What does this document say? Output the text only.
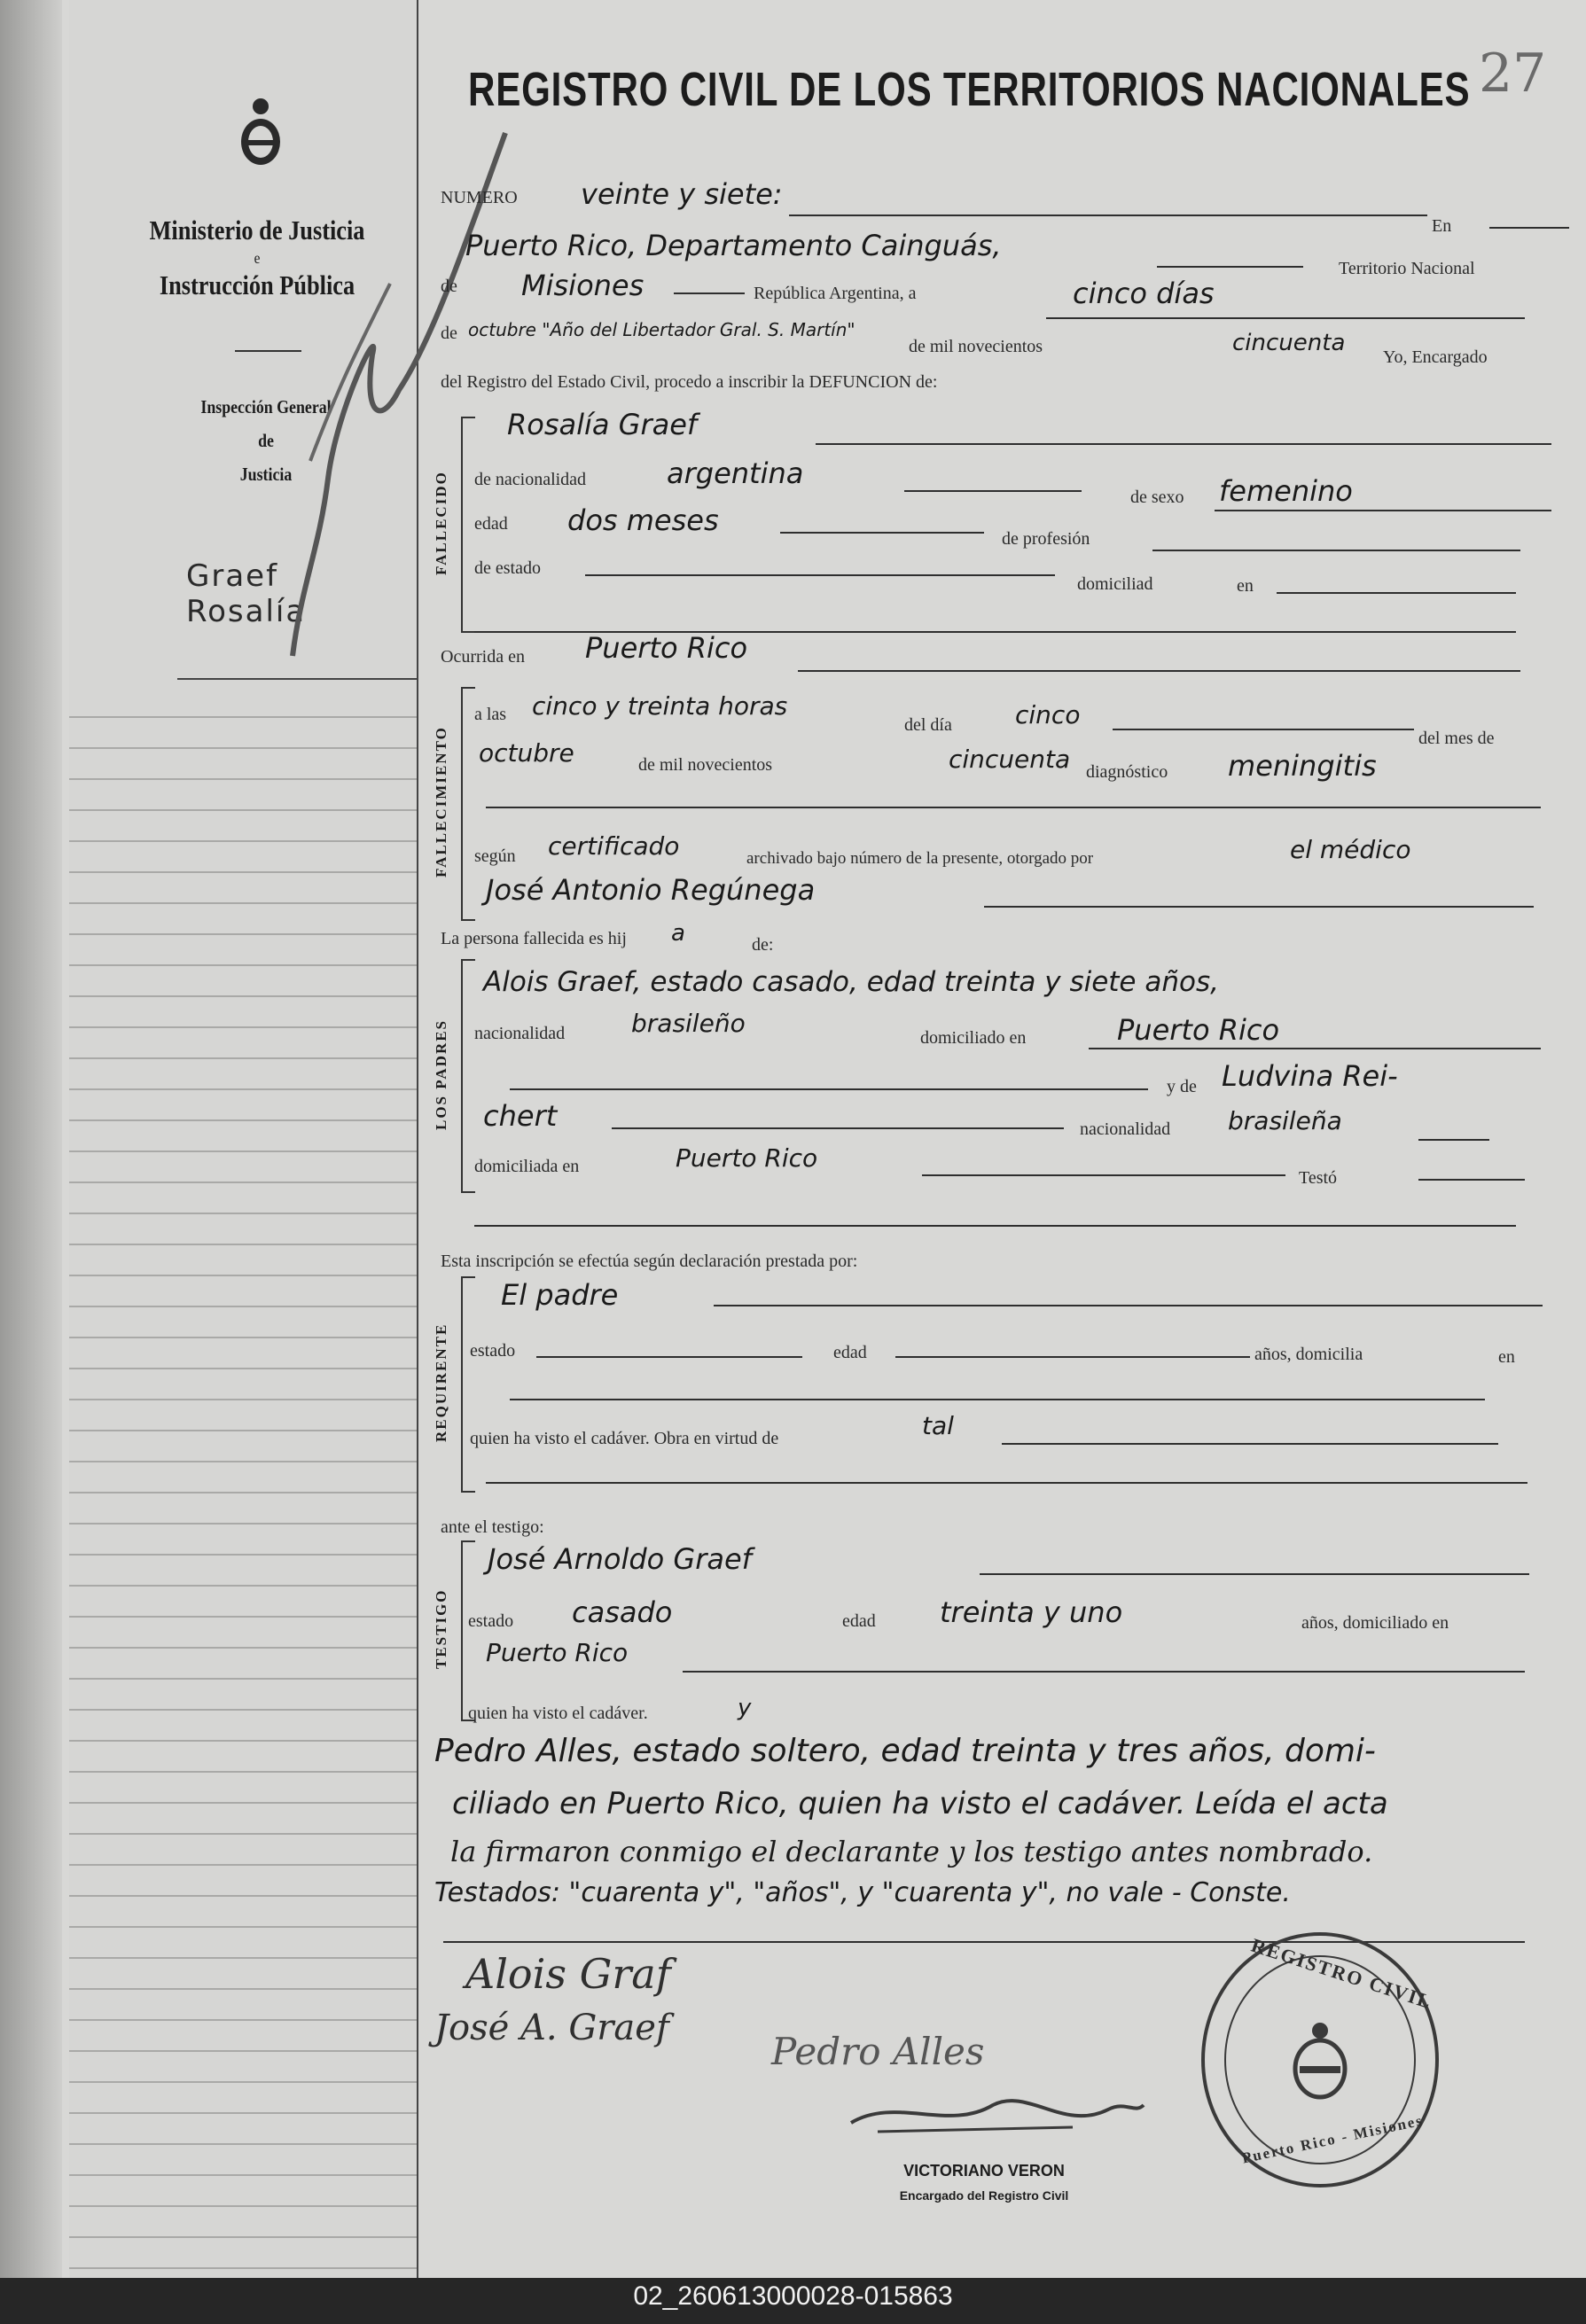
Ministerio de Justicia
e
Instrucción Pública
Inspección General
de
Justicia
Graef
Rosalía
27
REGISTRO CIVIL DE LOS TERRITORIOS NACIONALES
NUMERO veinte y siete:
En
Puerto Rico, Departamento Cainguás,
Territorio Nacional
de Misiones	República Argentina, a	cinco días
de octubre "Año del Libertador Gral. S. Martín"
de mil novecientos	cincuenta
Yo, Encargado
del Registro del Estado Civil, procedo a inscribir la DEFUNCION de:
FALLECIDO
Rosalía Graef
de nacionalidad	argentina
de sexo femenino
edad dos meses
de profesión
de estado
domiciliad	en
Ocurrida en Puerto Rico
FALLECIMIENTO
a las cinco y treinta horas
del día	cinco
del mes de
octubre	de mil novecientos	cincuenta diagnóstico meningitis
según certificado	archivado bajo número de la presente, otorgado por	el médico
José Antonio Regúnega
La persona fallecida es hij a	de:
LOS PADRES
Alois Graef, estado casado, edad treinta y siete años,
nacionalidad	brasileño	domiciliado en	Puerto Rico
y de Ludvina Rei-
chert	nacionalidad brasileña
domiciliada en	Puerto Rico
Testó
Esta inscripción se efectúa según declaración prestada por:
REQUIRENTE
El padre
estado	edad	años, domicilia	en
quien ha visto el cadáver. Obra en virtud de	tal
ante el testigo:
TESTIGO
José Arnoldo Graef
estado casado	edad treinta y uno	años, domiciliado en
Puerto Rico
quien ha visto el cadáver.	y
Pedro Alles, estado soltero, edad treinta y tres años, domi-
ciliado en Puerto Rico, quien ha visto el cadáver. Leída el acta
la firmaron conmigo el declarante y los testigo antes nombrado.
Testados: "cuarenta y", "años", y "cuarenta y", no vale - Conste.
Alois Graf
José A. Graef
Pedro Alles
VICTORIANO VERON
Encargado del Registro Civil
REGISTRO CIVIL
Puerto Rico - Misiones
02_260613000028-015863
